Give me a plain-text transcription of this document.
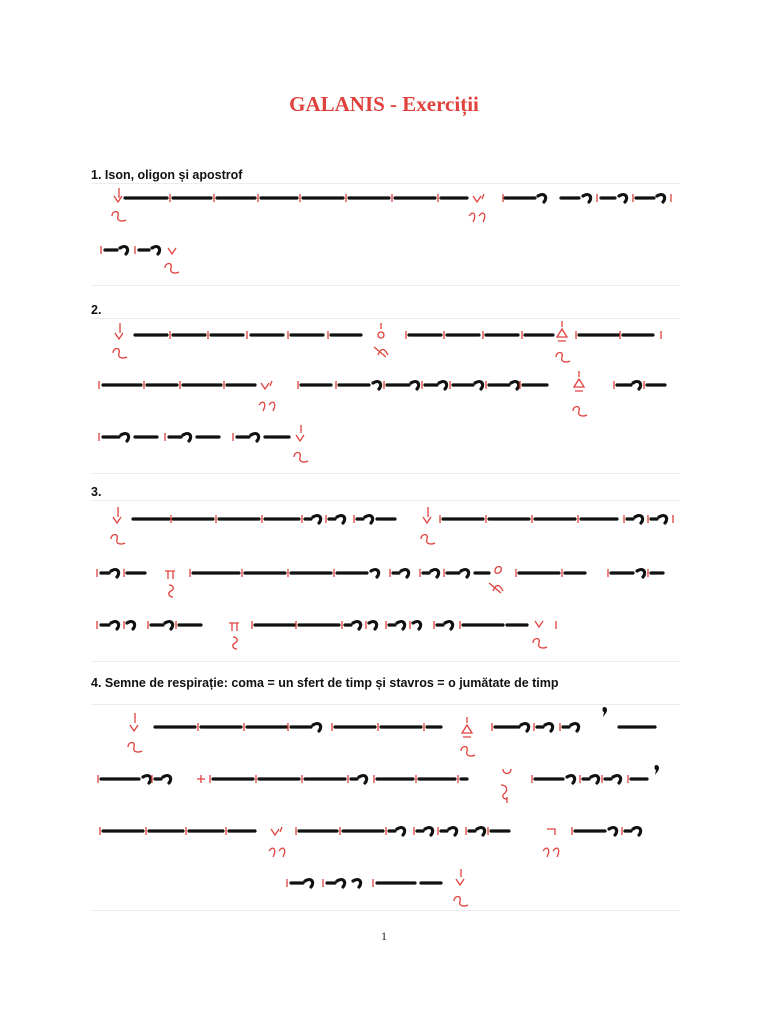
GALANIS - Exerciții
1. Ison, oligon și apostrof
2.
3.
4. Semne de respirație: coma = un sfert de timp și stavros = o jumătate de timp
1
